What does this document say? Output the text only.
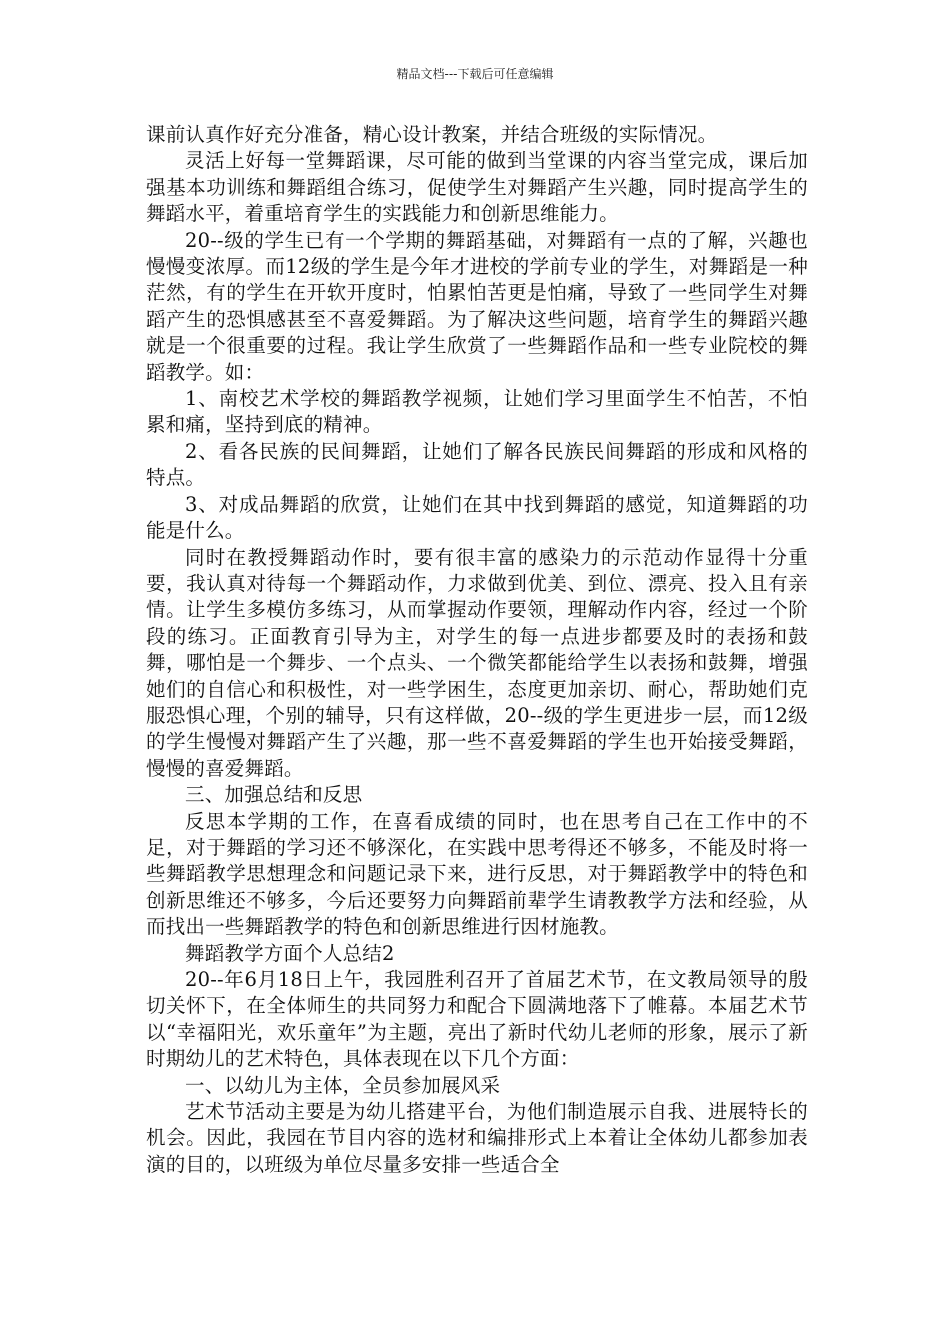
精品文档---下载后可任意编辑

课前认真作好充分准备，精心设计教案，并结合班级的实际情况。

灵活上好每一堂舞蹈课，尽可能的做到当堂课的内容当堂完成，课后加强基本功训练和舞蹈组合练习，促使学生对舞蹈产生兴趣，同时提高学生的舞蹈水平，着重培育学生的实践能力和创新思维能力。

20--级的学生已有一个学期的舞蹈基础，对舞蹈有一点的了解，兴趣也慢慢变浓厚。而12级的学生是今年才进校的学前专业的学生，对舞蹈是一种茫然，有的学生在开软开度时，怕累怕苦更是怕痛，导致了一些同学生对舞蹈产生的恐惧感甚至不喜爱舞蹈。为了解决这些问题，培育学生的舞蹈兴趣就是一个很重要的过程。我让学生欣赏了一些舞蹈作品和一些专业院校的舞蹈教学。如：

1、南校艺术学校的舞蹈教学视频，让她们学习里面学生不怕苦，不怕累和痛，坚持到底的精神。

2、看各民族的民间舞蹈，让她们了解各民族民间舞蹈的形成和风格的特点。

3、对成品舞蹈的欣赏，让她们在其中找到舞蹈的感觉，知道舞蹈的功能是什么。

同时在教授舞蹈动作时，要有很丰富的感染力的示范动作显得十分重要，我认真对待每一个舞蹈动作，力求做到优美、到位、漂亮、投入且有亲情。让学生多模仿多练习，从而掌握动作要领，理解动作内容，经过一个阶段的练习。正面教育引导为主，对学生的每一点进步都要及时的表扬和鼓舞，哪怕是一个舞步、一个点头、一个微笑都能给学生以表扬和鼓舞，增强她们的自信心和积极性，对一些学困生，态度更加亲切、耐心，帮助她们克服恐惧心理，个别的辅导，只有这样做，20--级的学生更进步一层，而12级的学生慢慢对舞蹈产生了兴趣，那一些不喜爱舞蹈的学生也开始接受舞蹈，慢慢的喜爱舞蹈。

三、加强总结和反思

反思本学期的工作，在喜看成绩的同时，也在思考自己在工作中的不足，对于舞蹈的学习还不够深化，在实践中思考得还不够多，不能及时将一些舞蹈教学思想理念和问题记录下来，进行反思，对于舞蹈教学中的特色和创新思维还不够多，今后还要努力向舞蹈前辈学生请教教学方法和经验，从而找出一些舞蹈教学的特色和创新思维进行因材施教。

舞蹈教学方面个人总结2

20--年6月18日上午，我园胜利召开了首届艺术节，在文教局领导的殷切关怀下，在全体师生的共同努力和配合下圆满地落下了帷幕。本届艺术节以“幸福阳光，欢乐童年”为主题，亮出了新时代幼儿老师的形象，展示了新时期幼儿的艺术特色，具体表现在以下几个方面：

一、以幼儿为主体，全员参加展风采

艺术节活动主要是为幼儿搭建平台，为他们制造展示自我、进展特长的机会。因此，我园在节目内容的选材和编排形式上本着让全体幼儿都参加表演的目的，以班级为单位尽量多安排一些适合全
